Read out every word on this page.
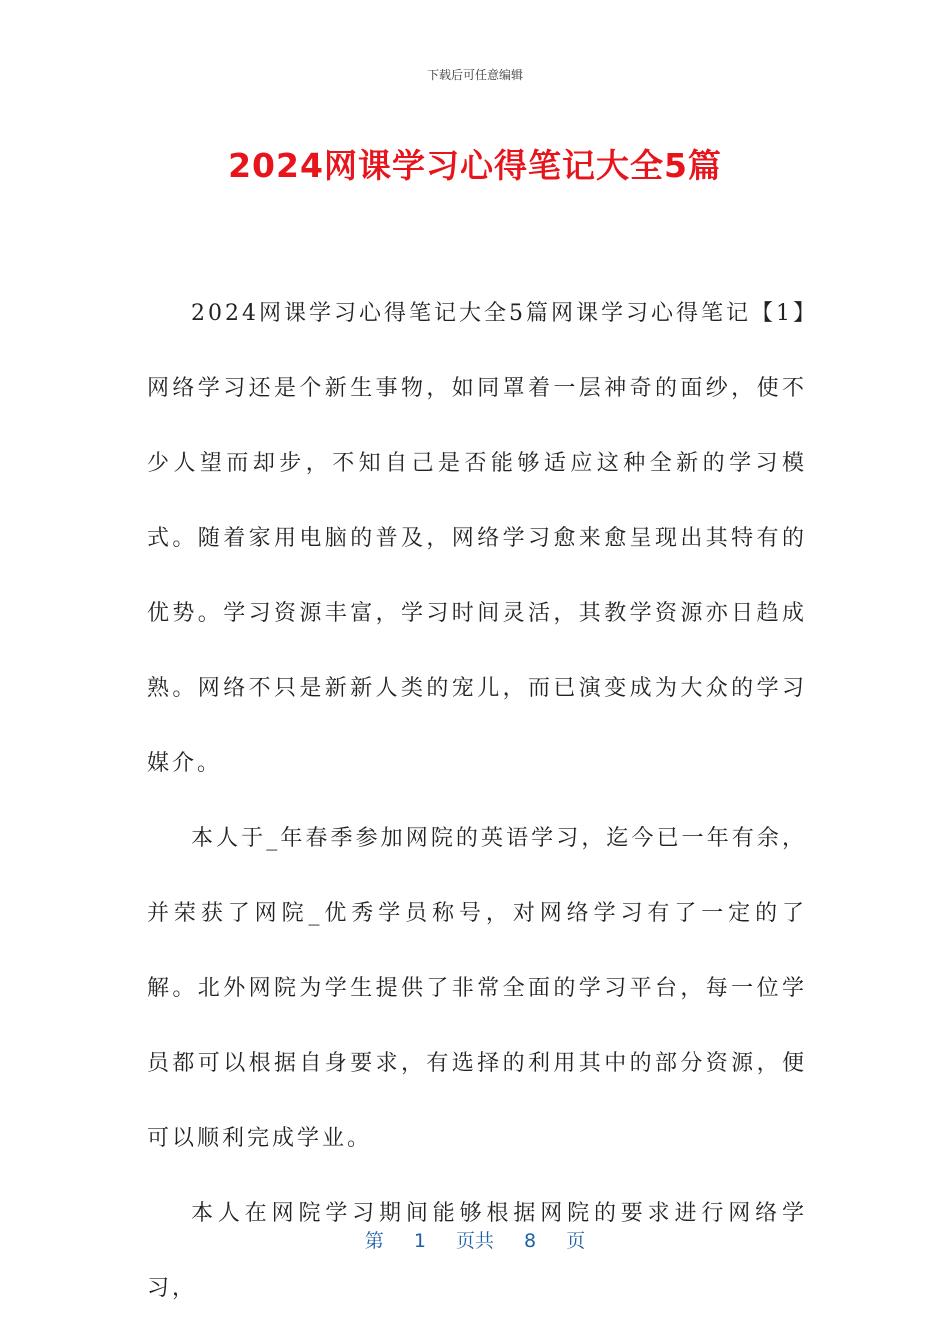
下载后可任意编辑
2024网课学习心得笔记大全5篇

2024网课学习心得笔记大全5篇网课学习心得笔记【1】网络学习还是个新生事物，如同罩着一层神奇的面纱，使不少人望而却步，不知自己是否能够适应这种全新的学习模式。随着家用电脑的普及，网络学习愈来愈呈现出其特有的优势。学习资源丰富，学习时间灵活，其教学资源亦日趋成熟。网络不只是新新人类的宠儿，而已演变成为大众的学习媒介。

本人于_年春季参加网院的英语学习，迄今已一年有余，并荣获了网院_优秀学员称号，对网络学习有了一定的了解。北外网院为学生提供了非常全面的学习平台，每一位学员都可以根据自身要求，有选择的利用其中的部分资源，便可以顺利完成学业。

本人在网院学习期间能够根据网院的要求进行网络学习，

第 1 页共 8 页
